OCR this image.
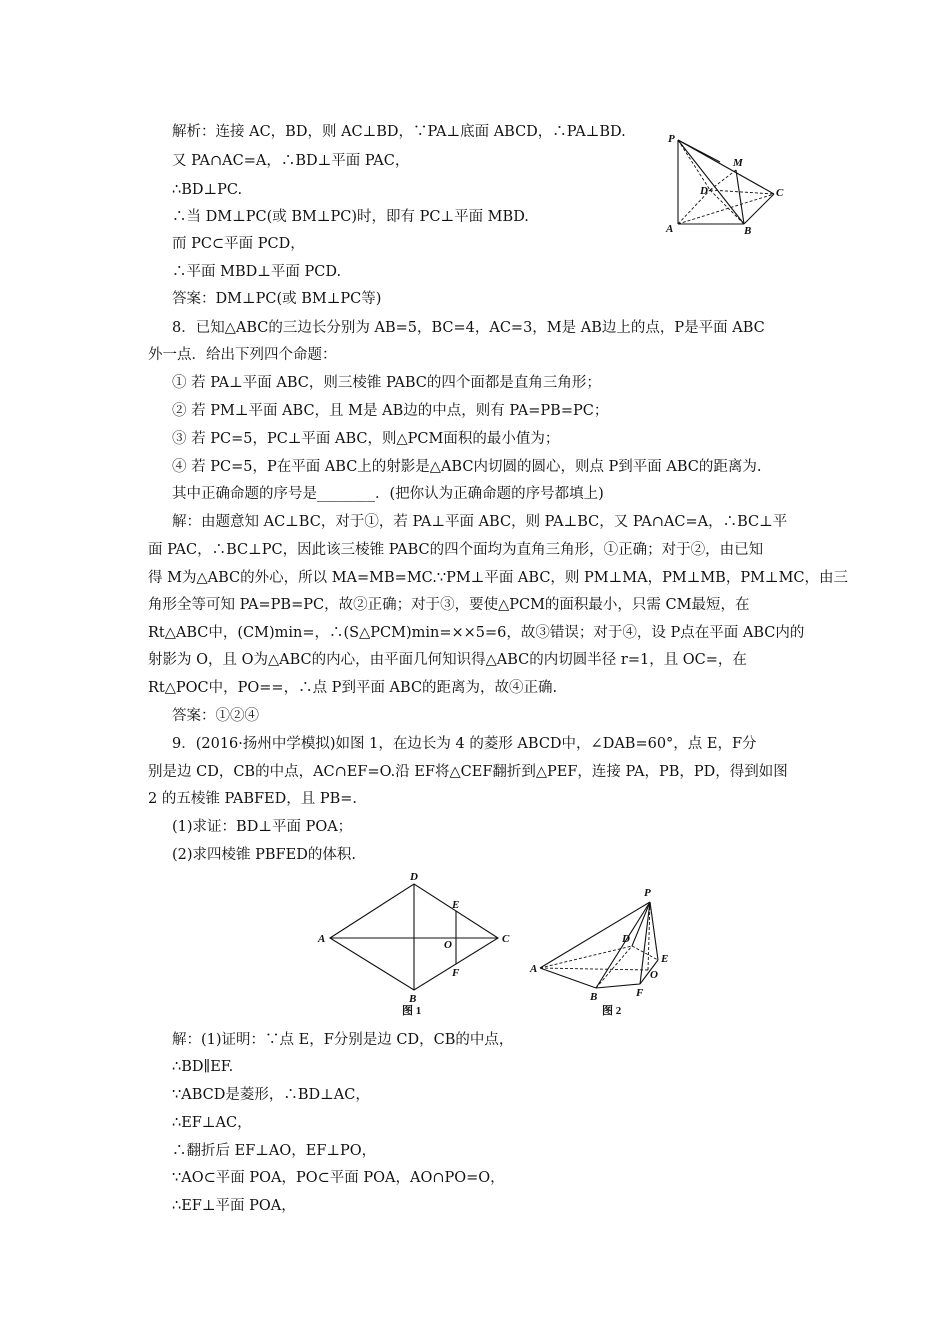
解析：连接 AC，BD，则 AC⊥BD，∵PA⊥底面 ABCD，∴PA⊥BD.
又 PA∩AC=A，∴BD⊥平面 PAC，
∴BD⊥PC.
∴当 DM⊥PC(或 BM⊥PC)时，即有 PC⊥平面 MBD.
而 PC⊂平面 PCD，
∴平面 MBD⊥平面 PCD.
答案：DM⊥PC(或 BM⊥PC等)
8．已知△ABC的三边长分别为 AB=5，BC=4，AC=3，M是 AB边上的点，P是平面 ABC
外一点．给出下列四个命题：
① 若 PA⊥平面 ABC，则三棱锥 PABC的四个面都是直角三角形；
② 若 PM⊥平面 ABC，且 M是 AB边的中点，则有 PA=PB=PC；
③ 若 PC=5，PC⊥平面 ABC，则△PCM面积的最小值为；
④ 若 PC=5，P在平面 ABC上的射影是△ABC内切圆的圆心，则点 P到平面 ABC的距离为.
其中正确命题的序号是________．(把你认为正确命题的序号都填上)
解：由题意知 AC⊥BC，对于①，若 PA⊥平面 ABC，则 PA⊥BC，又 PA∩AC=A，∴BC⊥平
面 PAC，∴BC⊥PC，因此该三棱锥 PABC的四个面均为直角三角形，①正确；对于②，由已知
得 M为△ABC的外心，所以 MA=MB=MC.∵PM⊥平面 ABC，则 PM⊥MA，PM⊥MB，PM⊥MC，由三
角形全等可知 PA=PB=PC，故②正确；对于③，要使△PCM的面积最小，只需 CM最短，在
Rt△ABC中，(CM)min=，∴(S△PCM)min=××5=6，故③错误；对于④，设 P点在平面 ABC内的
射影为 O，且 O为△ABC的内心，由平面几何知识得△ABC的内切圆半径 r=1，且 OC=，在
Rt△POC中，PO==，∴点 P到平面 ABC的距离为，故④正确.
答案：①②④
9．(2016·扬州中学模拟)如图 1，在边长为 4 的菱形 ABCD中，∠DAB=60°，点 E，F分
别是边 CD，CB的中点，AC∩EF=O.沿 EF将△CEF翻折到△PEF，连接 PA，PB，PD，得到如图
2 的五棱锥 PABFED，且 PB=.
(1)求证：BD⊥平面 POA；
(2)求四棱锥 PBFED的体积.
解：(1)证明：∵点 E，F分别是边 CD，CB的中点，
∴BD∥EF.
∵ABCD是菱形，∴BD⊥AC，
∴EF⊥AC，
∴翻折后 EF⊥AO，EF⊥PO，
∵AO⊂平面 POA，PO⊂平面 POA，AO∩PO=O，
∴EF⊥平面 POA，
P
M
D	C
A	B
D
E
A	O	C
F
B
图 1
P
D
A
E
O
F
B
图 2
